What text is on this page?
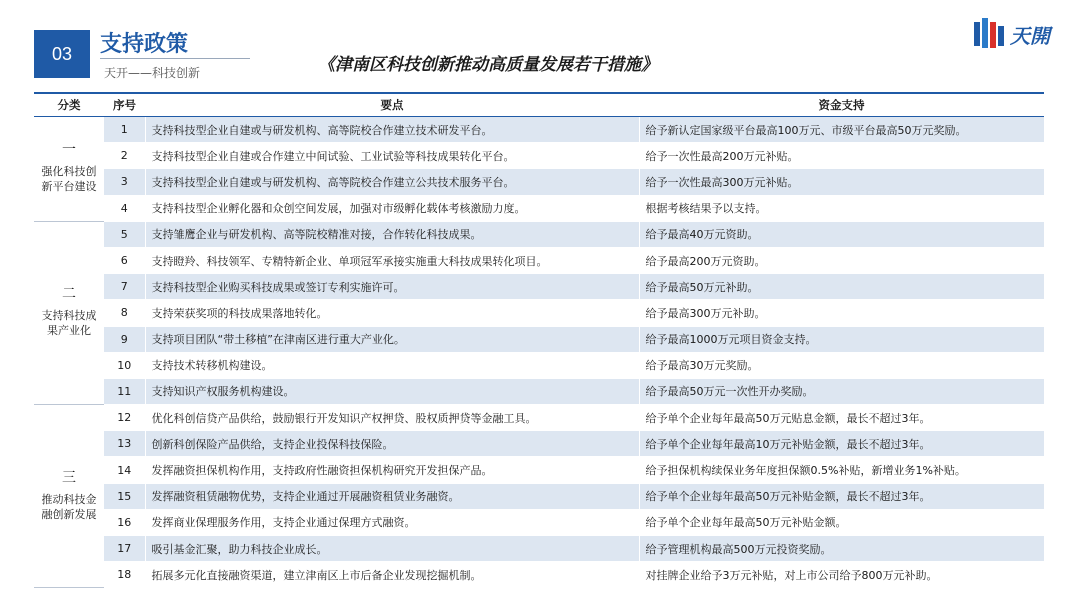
03 支持政策
天开——科技创新	《津南区科技创新推动高质量发展若干措施》
天開
分类	序号	要点	资金支持

一
强化科技创新平台建设	1	支持科技型企业自建或与研发机构、高等院校合作建立技术研发平台。	给予新认定国家级平台最高100万元、市级平台最高50万元奖励。
	2	支持科技型企业自建或合作建立中间试验、工业试验等科技成果转化平台。	给予一次性最高200万元补贴。
	3	支持科技型企业自建或与研发机构、高等院校合作建立公共技术服务平台。	给予一次性最高300万元补贴。
	4	支持科技型企业孵化器和众创空间发展，加强对市级孵化载体考核激励力度。	根据考核结果予以支持。

二
支持科技成果产业化	5	支持雏鹰企业与研发机构、高等院校精准对接，合作转化科技成果。	给予最高40万元资助。
	6	支持瞪羚、科技领军、专精特新企业、单项冠军承接实施重大科技成果转化项目。	给予最高200万元资助。
	7	支持科技型企业购买科技成果或签订专利实施许可。	给予最高50万元补助。
	8	支持荣获奖项的科技成果落地转化。	给予最高300万元补助。
	9	支持项目团队“带土移植”在津南区进行重大产业化。	给予最高1000万元项目资金支持。
	10	支持技术转移机构建设。	给予最高30万元奖励。
	11	支持知识产权服务机构建设。	给予最高50万元一次性开办奖励。

三
推动科技金融创新发展	12	优化科创信贷产品供给，鼓励银行开发知识产权押贷、股权质押贷等金融工具。	给予单个企业每年最高50万元贴息金额，最长不超过3年。
	13	创新科创保险产品供给，支持企业投保科技保险。	给予单个企业每年最高10万元补贴金额，最长不超过3年。
	14	发挥融资担保机构作用，支持政府性融资担保机构研究开发担保产品。	给予担保机构续保业务年度担保额0.5%补贴，新增业务1%补贴。
	15	发挥融资租赁融物优势，支持企业通过开展融资租赁业务融资。	给予单个企业每年最高50万元补贴金额，最长不超过3年。
	16	发挥商业保理服务作用，支持企业通过保理方式融资。	给予单个企业每年最高50万元补贴金额。
	17	吸引基金汇聚，助力科技企业成长。	给予管理机构最高500万元投资奖励。
	18	拓展多元化直接融资渠道，建立津南区上市后备企业发现挖掘机制。	对挂牌企业给予3万元补贴，对上市公司给予800万元补助。
